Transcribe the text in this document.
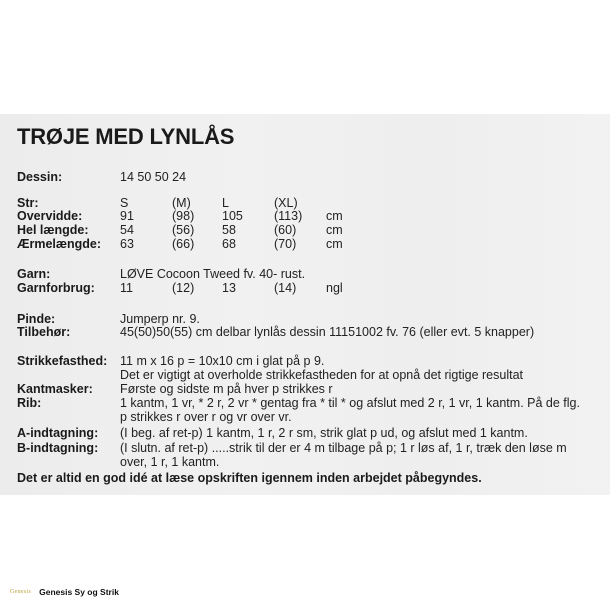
TRØJE MED LYNLÅS
Dessin:	14 50 50 24
Str:	S	(M)	L	(XL)
Overvidde:	91	(98) 105 (113) cm
Hel længde:	54	(56) 58	(60) cm
Ærmelængde: 63	(66) 68	(70) cm
Garn:	LØVE Cocoon Tweed fv. 40- rust.
Garnforbrug: 11	(12) 13	(14) ngl
Pinde:	Jumperp nr. 9.
Tilbehør:	45(50)50(55) cm delbar lynlås dessin 11151002 fv. 76 (eller evt. 5 knapper)
Strikkefasthed: 11 m x 16 p = 10x10 cm i glat på p 9.
Det er vigtigt at overholde strikkefastheden for at opnå det rigtige resultat
Kantmasker: Første og sidste m på hver p strikkes r
Rib:	1 kantm, 1 vr, * 2 r, 2 vr * gentag fra * til * og afslut med 2 r, 1 vr, 1 kantm. På de flg.
p strikkes r over r og vr over vr.
A-indtagning: (I beg. af ret-p) 1 kantm, 1 r, 2 r sm, strik glat p ud, og afslut med 1 kantm.
B-indtagning: (I slutn. af ret-p) .....strik til der er 4 m tilbage på p; 1 r løs af, 1 r, træk den løse m
over, 1 r, 1 kantm.
Det er altid en god idé at læse opskriften igennem inden arbejdet påbegyndes.
Genesis Genesis Sy og Strik
